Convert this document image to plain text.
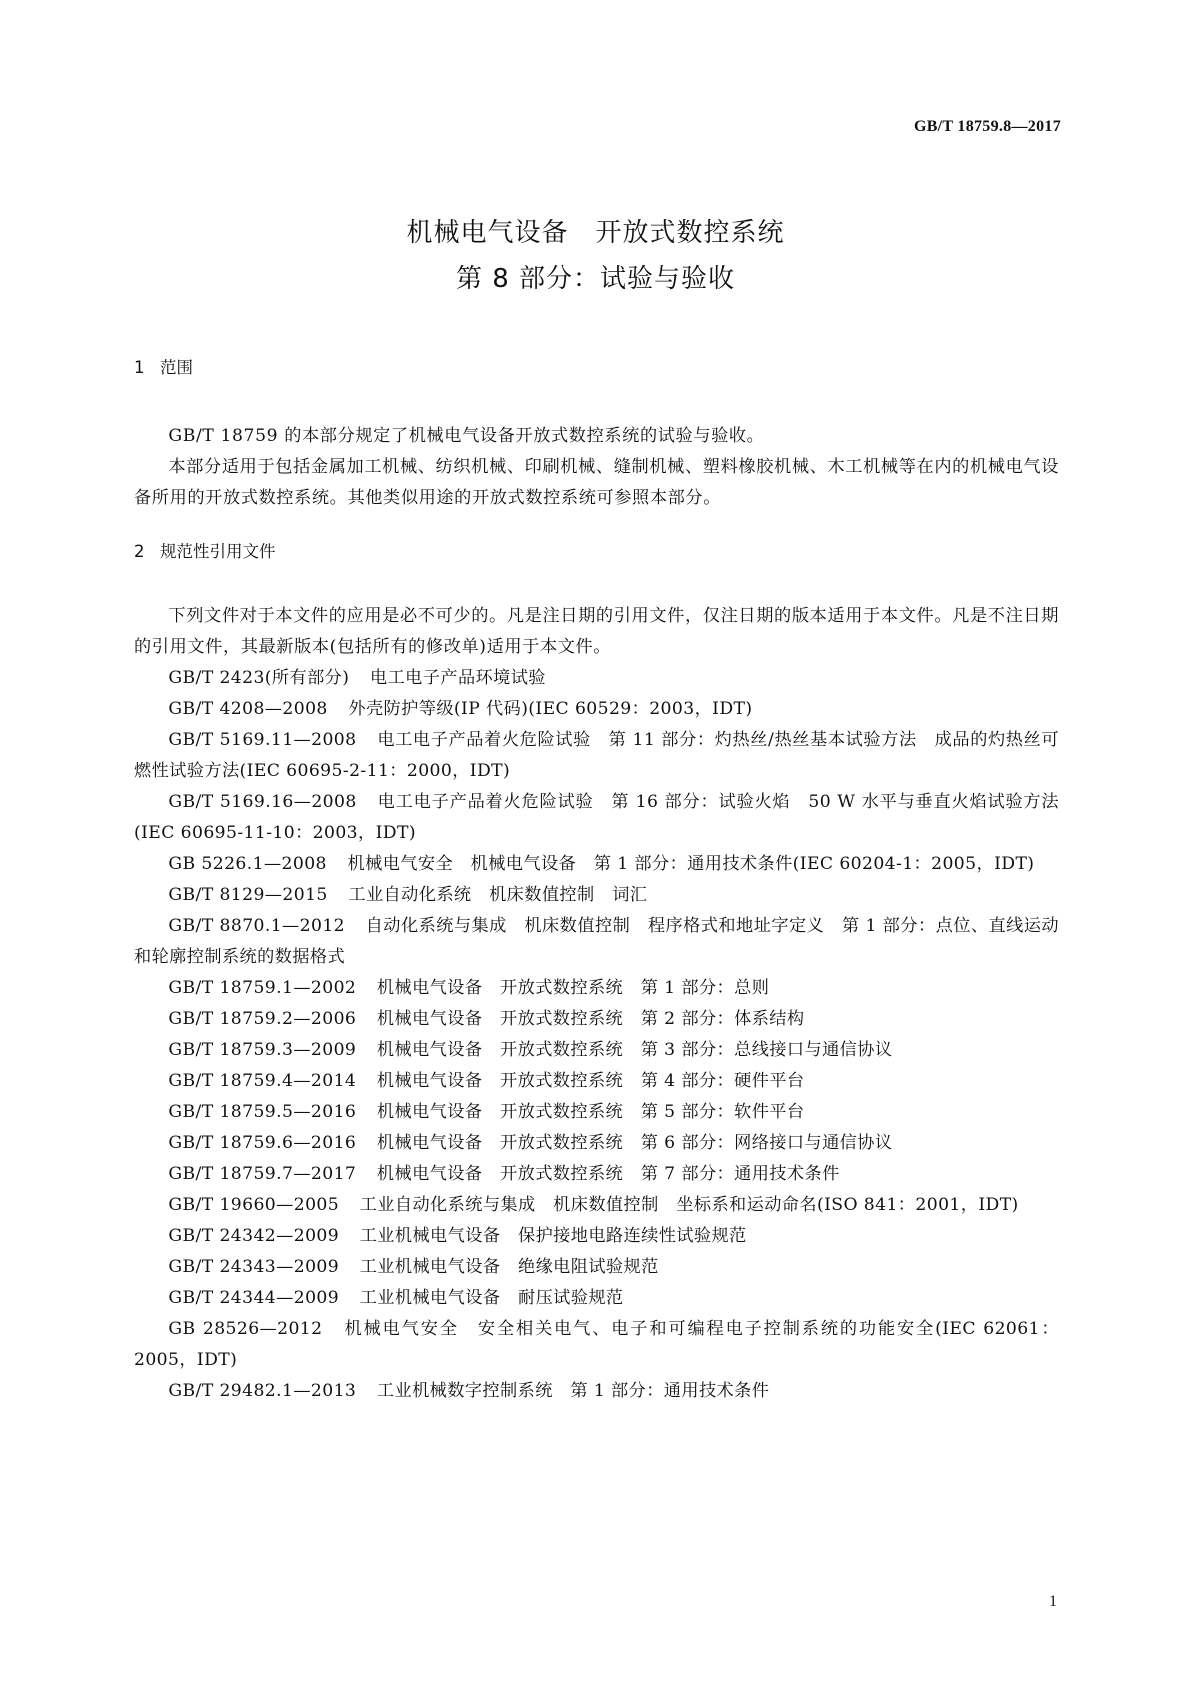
GB/T 18759.8—2017
机械电气设备　开放式数控系统
第 8 部分：试验与验收
1 范围

GB/T 18759 的本部分规定了机械电气设备开放式数控系统的试验与验收。

本部分适用于包括金属加工机械、纺织机械、印刷机械、缝制机械、塑料橡胶机械、木工机械等在内的机械电气设备所用的开放式数控系统。其他类似用途的开放式数控系统可参照本部分。

2 规范性引用文件

下列文件对于本文件的应用是必不可少的。凡是注日期的引用文件，仅注日期的版本适用于本文件。凡是不注日期的引用文件，其最新版本(包括所有的修改单)适用于本文件。

GB/T 2423(所有部分) 电工电子产品环境试验
GB/T 4208—2008 外壳防护等级(IP 代码)(IEC 60529：2003，IDT)
GB/T 5169.11—2008 电工电子产品着火危险试验　第 11 部分：灼热丝/热丝基本试验方法　成品的灼热丝可燃性试验方法(IEC 60695-2-11：2000，IDT)
GB/T 5169.16—2008 电工电子产品着火危险试验　第 16 部分：试验火焰　50 W 水平与垂直火焰试验方法(IEC 60695-11-10：2003，IDT)
GB 5226.1—2008 机械电气安全　机械电气设备　第 1 部分：通用技术条件(IEC 60204-1：2005，IDT)
GB/T 8129—2015 工业自动化系统　机床数值控制　词汇
GB/T 8870.1—2012 自动化系统与集成　机床数值控制　程序格式和地址字定义　第 1 部分：点位、直线运动和轮廓控制系统的数据格式
GB/T 18759.1—2002 机械电气设备　开放式数控系统　第 1 部分：总则
GB/T 18759.2—2006 机械电气设备　开放式数控系统　第 2 部分：体系结构
GB/T 18759.3—2009 机械电气设备　开放式数控系统　第 3 部分：总线接口与通信协议
GB/T 18759.4—2014 机械电气设备　开放式数控系统　第 4 部分：硬件平台
GB/T 18759.5—2016 机械电气设备　开放式数控系统　第 5 部分：软件平台
GB/T 18759.6—2016 机械电气设备　开放式数控系统　第 6 部分：网络接口与通信协议
GB/T 18759.7—2017 机械电气设备　开放式数控系统　第 7 部分：通用技术条件
GB/T 19660—2005 工业自动化系统与集成　机床数值控制　坐标系和运动命名(ISO 841：2001，IDT)
GB/T 24342—2009 工业机械电气设备　保护接地电路连续性试验规范
GB/T 24343—2009 工业机械电气设备　绝缘电阻试验规范
GB/T 24344—2009 工业机械电气设备　耐压试验规范
GB 28526—2012 机械电气安全　安全相关电气、电子和可编程电子控制系统的功能安全(IEC 62061：2005，IDT)
GB/T 29482.1—2013 工业机械数字控制系统　第 1 部分：通用技术条件
1
